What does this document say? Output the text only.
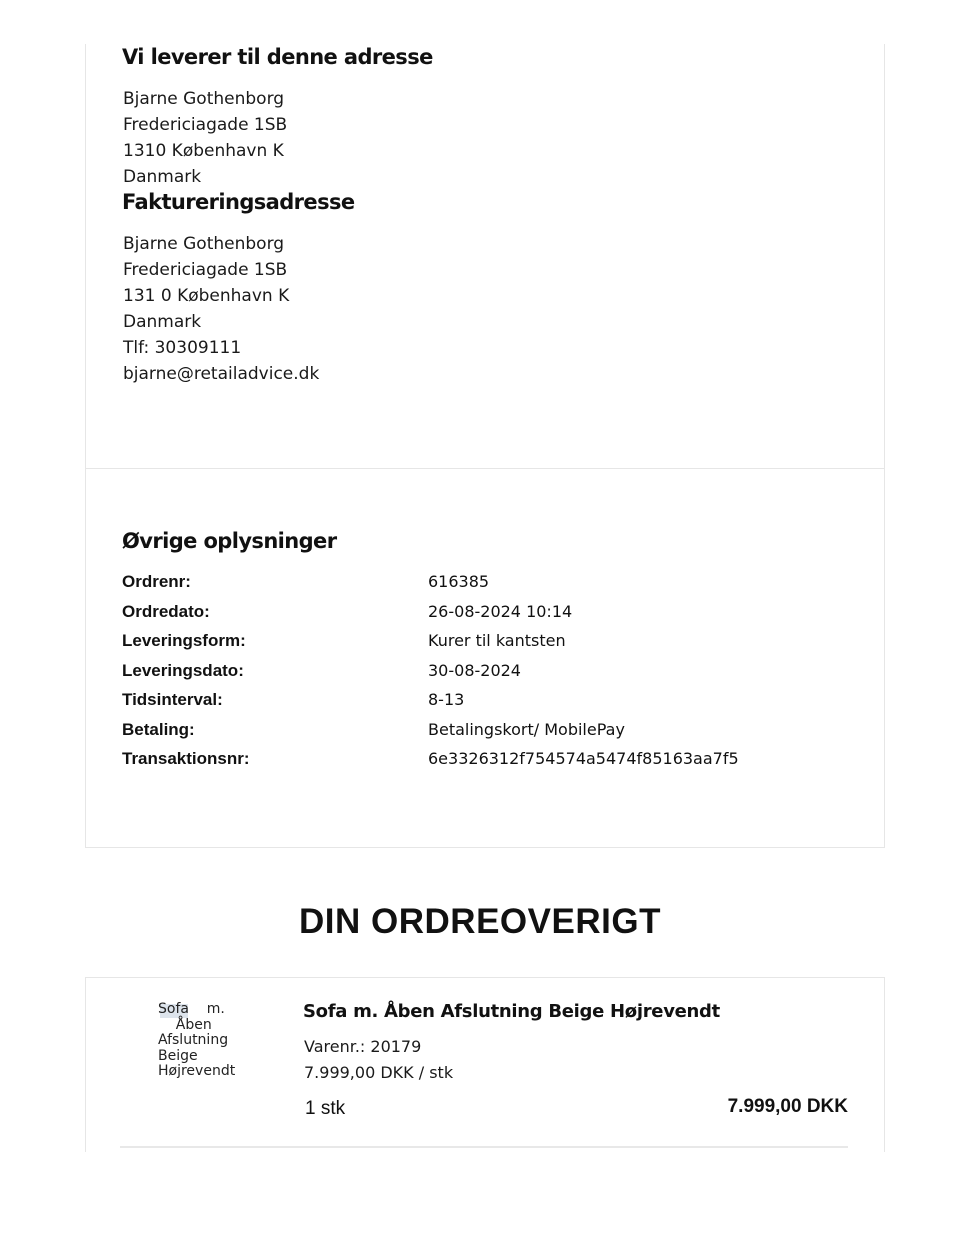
Vi leverer til denne adresse
Bjarne Gothenborg
Fredericiagade 1SB
1310 København K
Danmark
Faktureringsadresse
Bjarne Gothenborg
Fredericiagade 1SB
131 0 København K
Danmark
Tlf: 30309111
bjarne@retailadvice.dk
Øvrige oplysninger
Ordrenr:	616385
Ordredato:	26-08-2024 10:14
Leveringsform:	Kurer til kantsten
Leveringsdato:	30-08-2024
Tidsinterval:	8-13
Betaling:	Betalingskort/ MobilePay
Transaktionsnr:	6e3326312f754574a5474f85163aa7f5
DIN ORDREOVERIGT
Sofa    m.
Åben
Afslutning
Beige
Højrevendt
Sofa m. Åben Afslutning Beige Højrevendt
Varenr.: 20179
7.999,00 DKK / stk
1 stk	7.999,00 DKK
